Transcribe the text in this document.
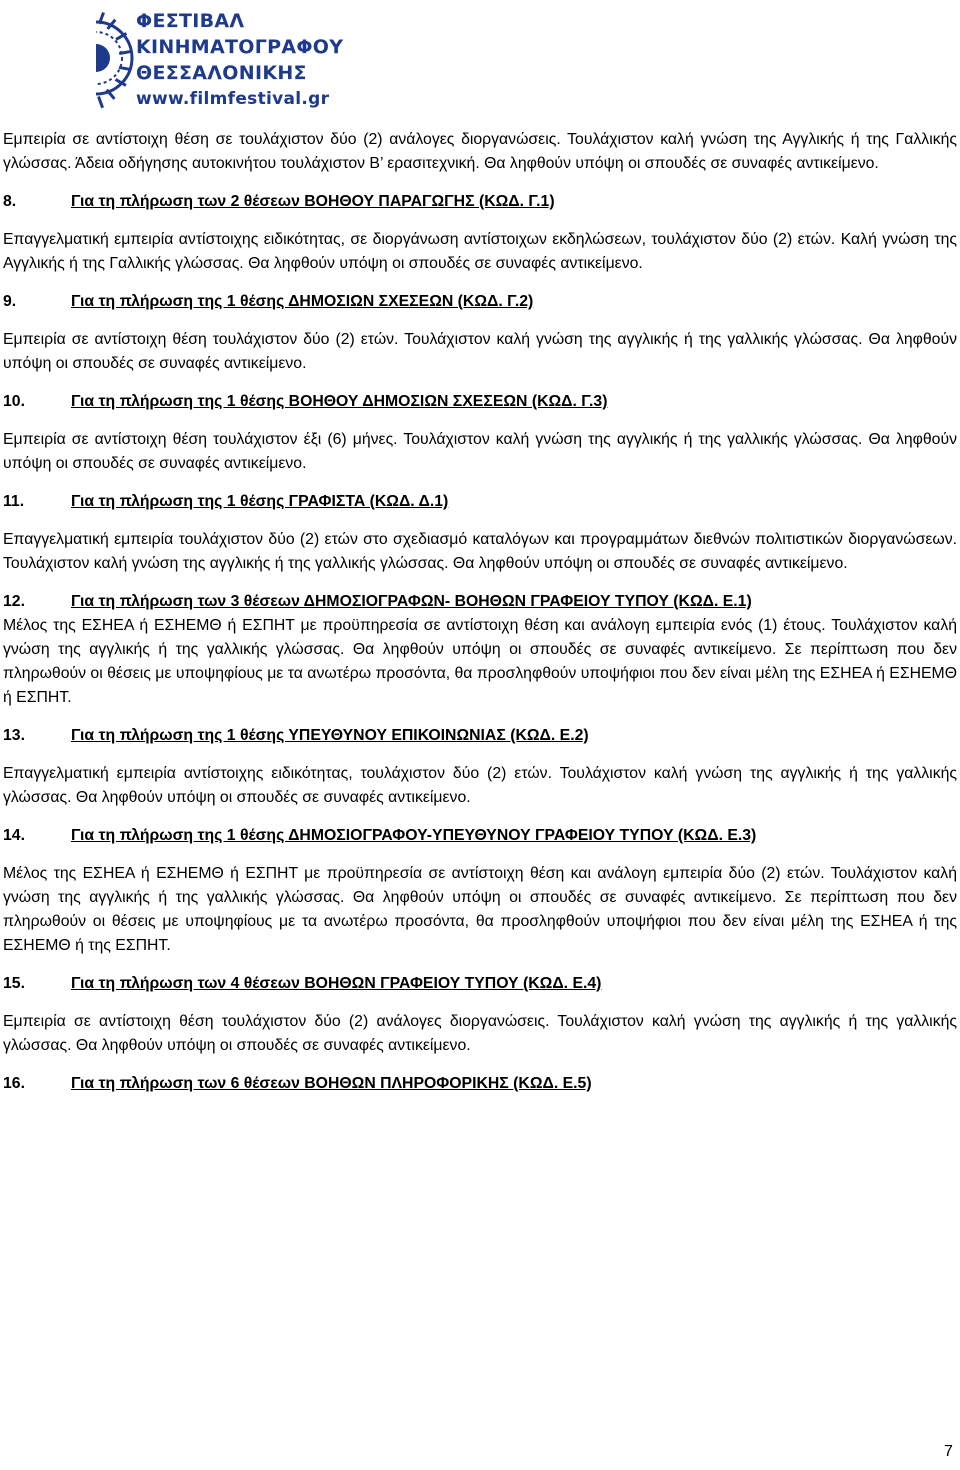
ΦΕΣΤΙΒΑΛ
ΚΙΝΗΜΑΤΟΓΡΑΦΟΥ
ΘΕΣΣΑΛΟΝΙΚΗΣ
www.filmfestival.gr

Εμπειρία σε αντίστοιχη θέση σε τουλάχιστον δύο (2) ανάλογες διοργανώσεις. Τουλάχιστον καλή γνώση της Αγγλικής ή της Γαλλικής γλώσσας. Άδεια οδήγησης αυτοκινήτου τουλάχιστον Β’ ερασιτεχνική. Θα ληφθούν υπόψη οι σπουδές σε συναφές αντικείμενο.

8.	Για τη πλήρωση των 2 θέσεων ΒΟΗΘΟΥ ΠΑΡΑΓΩΓΗΣ (ΚΩΔ. Γ.1)

Επαγγελματική εμπειρία αντίστοιχης ειδικότητας, σε διοργάνωση αντίστοιχων εκδηλώσεων, τουλάχιστον δύο (2) ετών. Καλή γνώση της Αγγλικής ή της Γαλλικής γλώσσας. Θα ληφθούν υπόψη οι σπουδές σε συναφές αντικείμενο.

9.	Για τη πλήρωση της 1 θέσης ΔΗΜΟΣΙΩΝ ΣΧΕΣΕΩΝ (ΚΩΔ. Γ.2)

Εμπειρία σε αντίστοιχη θέση τουλάχιστον δύο (2) ετών. Τουλάχιστον καλή γνώση της αγγλικής ή της γαλλικής γλώσσας. Θα ληφθούν υπόψη οι σπουδές σε συναφές αντικείμενο.

10.	Για τη πλήρωση της 1 θέσης ΒΟΗΘΟΥ ΔΗΜΟΣΙΩΝ ΣΧΕΣΕΩΝ (ΚΩΔ. Γ.3)

Εμπειρία σε αντίστοιχη θέση τουλάχιστον έξι (6) μήνες. Τουλάχιστον καλή γνώση της αγγλικής ή της γαλλικής γλώσσας. Θα ληφθούν υπόψη οι σπουδές σε συναφές αντικείμενο.

11.	Για τη πλήρωση της 1 θέσης ΓΡΑΦΙΣΤΑ (ΚΩΔ. Δ.1)

Επαγγελματική εμπειρία τουλάχιστον δύο (2) ετών στο σχεδιασμό καταλόγων και προγραμμάτων διεθνών πολιτιστικών διοργανώσεων. Τουλάχιστον καλή γνώση της αγγλικής ή της γαλλικής γλώσσας. Θα ληφθούν υπόψη οι σπουδές σε συναφές αντικείμενο.

12.	Για τη πλήρωση των 3 θέσεων ΔΗΜΟΣΙΟΓΡΑΦΩΝ- ΒΟΗΘΩΝ ΓΡΑΦΕΙΟΥ ΤΥΠΟΥ (ΚΩΔ. Ε.1)

Μέλος της ΕΣΗΕΑ ή ΕΣΗΕΜΘ ή ΕΣΠΗΤ με προϋπηρεσία σε αντίστοιχη θέση και ανάλογη εμπειρία ενός (1) έτους. Τουλάχιστον καλή γνώση της αγγλικής ή της γαλλικής γλώσσας. Θα ληφθούν υπόψη οι σπουδές σε συναφές αντικείμενο. Σε περίπτωση που δεν πληρωθούν οι θέσεις με υποψηφίους με τα ανωτέρω προσόντα, θα προσληφθούν υποψήφιοι που δεν είναι μέλη της ΕΣΗΕΑ ή ΕΣΗΕΜΘ ή ΕΣΠΗΤ.

13.	Για τη πλήρωση της 1 θέσης ΥΠΕΥΘΥΝΟΥ ΕΠΙΚΟΙΝΩΝΙΑΣ (ΚΩΔ. Ε.2)

Επαγγελματική εμπειρία αντίστοιχης ειδικότητας, τουλάχιστον δύο (2) ετών. Τουλάχιστον καλή γνώση της αγγλικής ή της γαλλικής γλώσσας. Θα ληφθούν υπόψη οι σπουδές σε συναφές αντικείμενο.

14.	Για τη πλήρωση της 1 θέσης ΔΗΜΟΣΙΟΓΡΑΦΟΥ-ΥΠΕΥΘΥΝΟΥ ΓΡΑΦΕΙΟΥ ΤΥΠΟΥ (ΚΩΔ. Ε.3)

Μέλος της ΕΣΗΕΑ ή ΕΣΗΕΜΘ ή ΕΣΠΗΤ με προϋπηρεσία σε αντίστοιχη θέση και ανάλογη εμπειρία δύο (2) ετών. Τουλάχιστον καλή γνώση της αγγλικής ή της γαλλικής γλώσσας. Θα ληφθούν υπόψη οι σπουδές σε συναφές αντικείμενο. Σε περίπτωση που δεν πληρωθούν οι θέσεις με υποψηφίους με τα ανωτέρω προσόντα, θα προσληφθούν υποψήφιοι που δεν είναι μέλη της ΕΣΗΕΑ ή της ΕΣΗΕΜΘ ή της ΕΣΠΗΤ.

15.	Για τη πλήρωση των 4 θέσεων ΒΟΗΘΩΝ ΓΡΑΦΕΙΟΥ ΤΥΠΟΥ (ΚΩΔ. Ε.4)

Εμπειρία σε αντίστοιχη θέση τουλάχιστον δύο (2) ανάλογες διοργανώσεις. Τουλάχιστον καλή γνώση της αγγλικής ή της γαλλικής γλώσσας. Θα ληφθούν υπόψη οι σπουδές σε συναφές αντικείμενο.

16.	Για τη πλήρωση των 6 θέσεων ΒΟΗΘΩΝ ΠΛΗΡΟΦΟΡΙΚΗΣ (ΚΩΔ. Ε.5)
7
